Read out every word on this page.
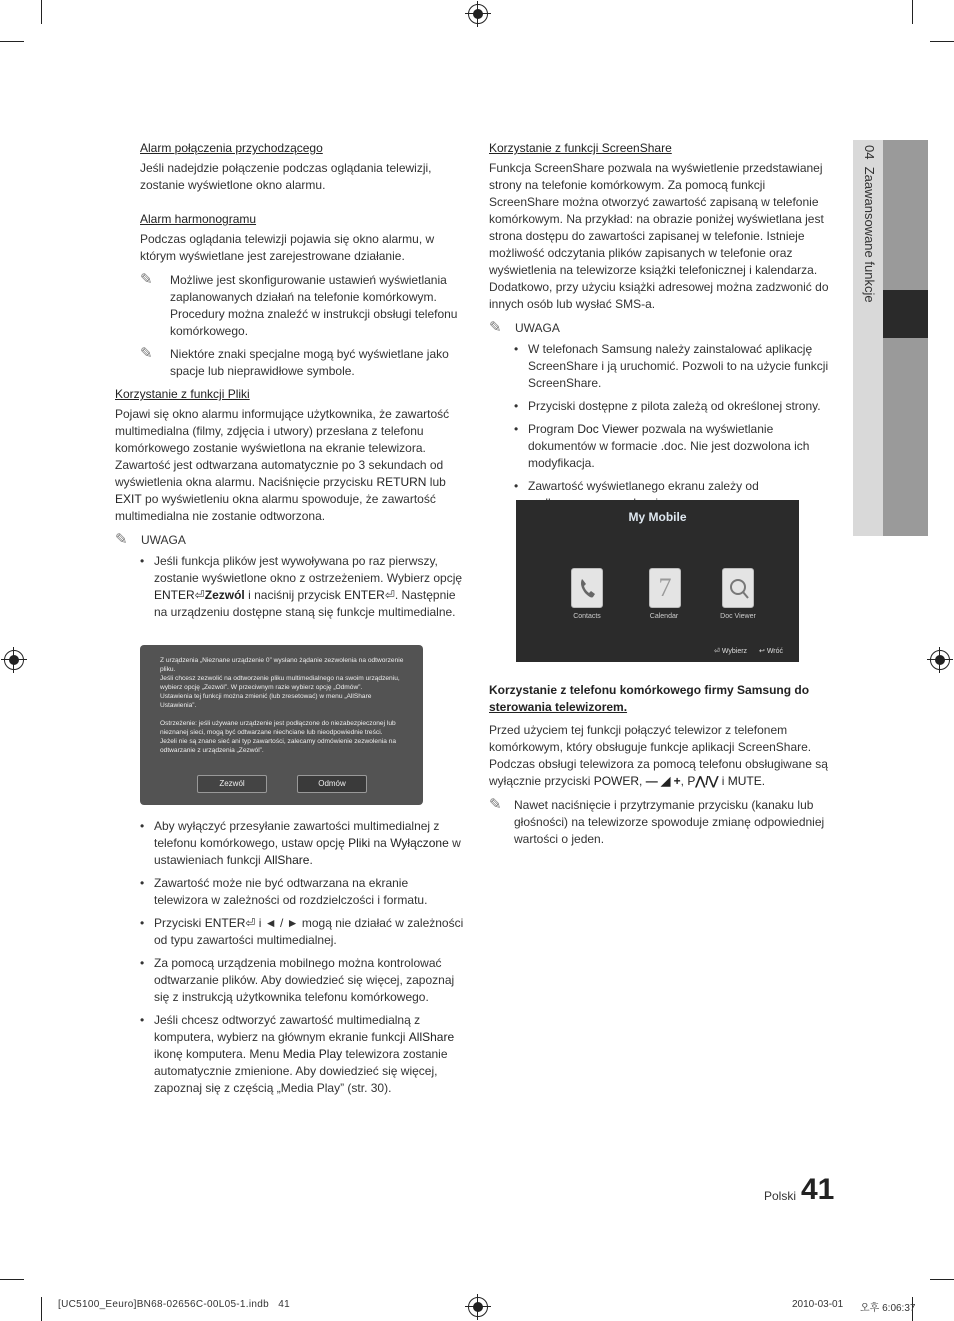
04  Zaawansowane funkcje
Alarm połączenia przychodzącego

Jeśli nadejdzie połączenie podczas oglądania telewizji, zostanie wyświetlone okno alarmu.

Alarm harmonogramu

Podczas oglądania telewizji pojawia się okno alarmu, w którym wyświetlane jest zarejestrowane działanie.

✎ Możliwe jest skonfigurowanie ustawień wyświetlania zaplanowanych działań na telefonie komórkowym. Procedury można znaleźć w instrukcji obsługi telefonu komórkowego.
✎ Niektóre znaki specjalne mogą być wyświetlane jako spacje lub nieprawidłowe symbole.
Korzystanie z funkcji Pliki

Pojawi się okno alarmu informujące użytkownika, że zawartość multimedialna (filmy, zdjęcia i utwory) przesłana z telefonu komórkowego zostanie wyświetlona na ekranie telewizora. Zawartość jest odtwarzana automatycznie po 3 sekundach od wyświetlenia okna alarmu. Naciśnięcie przycisku RETURN lub EXIT po wyświetleniu okna alarmu spowoduje, że zawartość multimedialna nie zostanie odtworzona.

✎ UWAGA
• Jeśli funkcja plików jest wywoływana po raz pierwszy, zostanie wyświetlone okno z ostrzeżeniem. Wybierz opcję ENTER⏎Zezwól i naciśnij przycisk ENTER⏎. Następnie na urządzeniu dostępne staną się funkcje multimedialne.
Z urządzenia „Nieznane urządzenie 0” wysłano żądanie zezwolenia na odtworzenie pliku.
Jeśli chcesz zezwolić na odtworzenie pliku multimedialnego na swoim urządzeniu, wybierz opcję „Zezwól”. W przeciwnym razie wybierz opcję „Odmów”.
Ustawienia tej funkcji można zmienić (lub zresetować) w menu „AllShare Ustawienia”.

Ostrzeżenie: jeśli używane urządzenie jest podłączone do niezabezpieczonej lub nieznanej sieci, mogą być odtwarzane niechciane lub nieodpowiednie treści.
Jeżeli nie są znane sieć ani typ zawartości, zalecamy odmówienie zezwolenia na odtwarzanie z urządzenia „Zezwól”.
Zezwól	Odmów
• Aby wyłączyć przesyłanie zawartości multimedialnej z telefonu komórkowego, ustaw opcję Pliki na Wyłączone w ustawieniach funkcji AllShare.
• Zawartość może nie być odtwarzana na ekranie telewizora w zależności od rozdzielczości i formatu.
• Przyciski ENTER⏎ i ◄ / ► mogą nie działać w zależności od typu zawartości multimedialnej.
• Za pomocą urządzenia mobilnego można kontrolować odtwarzanie plików. Aby dowiedzieć się więcej, zapoznaj się z instrukcją użytkownika telefonu komórkowego.
• Jeśli chcesz odtworzyć zawartość multimedialną z komputera, wybierz na głównym ekranie funkcji AllShare ikonę komputera. Menu Media Play telewizora zostanie automatycznie zmienione. Aby dowiedzieć się więcej, zapoznaj się z częścią „Media Play” (str. 30).
Korzystanie z funkcji ScreenShare

Funkcja ScreenShare pozwala na wyświetlenie przedstawianej strony na telefonie komórkowym. Za pomocą funkcji ScreenShare można otworzyć zawartość zapisaną w telefonie komórkowym. Na przykład: na obrazie poniżej wyświetlana jest strona dostępu do zawartości zapisanej w telefonie. Istnieje możliwość odczytania plików zapisanych w telefonie oraz wyświetlenia na telewizorze książki telefonicznej i kalendarza. Dodatkowo, przy użyciu książki adresowej można zadzwonić do innych osób lub wysłać SMS-a.

✎ UWAGA
• W telefonach Samsung należy zainstalować aplikację ScreenShare i ją uruchomić. Pozwoli to na użycie funkcji ScreenShare.
• Przyciski dostępne z pilota zależą od określonej strony.
• Program Doc Viewer pozwala na wyświetlanie dokumentów w formacie .doc. Nie jest dozwolona ich modyfikacja.
• Zawartość wyświetlanego ekranu zależy od
My Mobile
7
Contacts	Calendar	Doc Viewer
⏎ Wybierz ↩ Wróć
Korzystanie z telefonu komórkowego firmy Samsung do
sterowania telewizorem.

Przed użyciem tej funkcji połączyć telewizor z telefonem komórkowym, który obsługuje funkcje aplikacji ScreenShare. Podczas obsługi telewizora za pomocą telefonu obsługiwane są wyłącznie przyciski POWER, — ◢ +, P⋀/⋁ i MUTE.

✎ Nawet naciśnięcie i przytrzymanie przycisku (kanaku lub głośności) na telewizorze spowoduje zmianę odpowiedniej wartości o jeden.
Polski 41
[UC5100_Eeuro]BN68-02656C-00L05-1.indb   41	2010-03-01 오후 6:06:37
